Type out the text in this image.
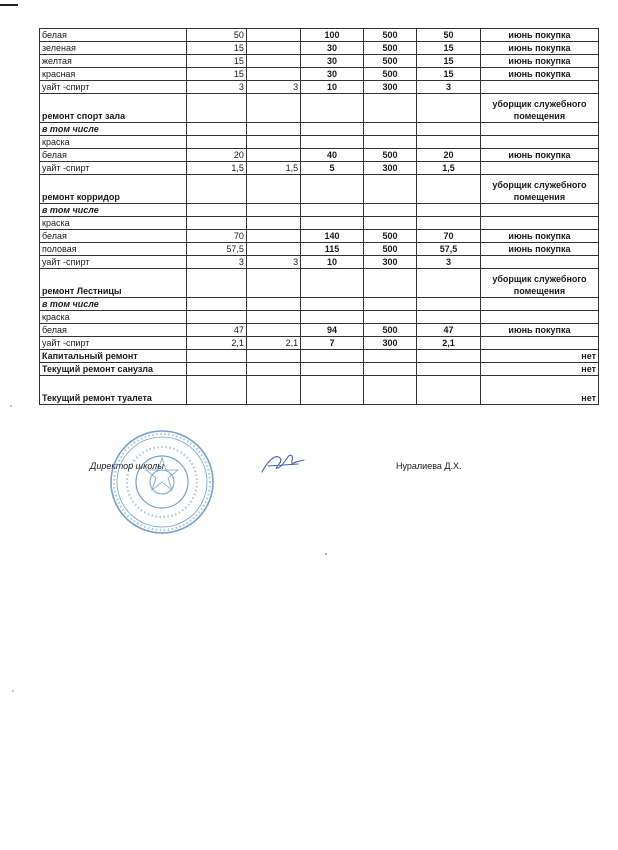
белая	50		100	500	50	июнь покупка
зеленая	15		30	500	15	июнь покупка
желтая	15		30	500	15	июнь покупка
красная	15		30	500	15	июнь покупка
уайт -спирт	3	3	10	300	3	
ремонт спорт зала						уборщик служебного помещения
в том числе						
краска						
белая	20		40	500	20	июнь покупка
уайт -спирт	1,5	1,5	5	300	1,5	
ремонт корридор						уборщик служебного помещения
в том числе						
краска						
белая	70		140	500	70	июнь покупка
половая	57,5		115	500	57,5	июнь покупка
уайт -спирт	3	3	10	300	3	
ремонт Лестницы						уборщик служебного помещения
в том числе						
краска						
белая	47		94	500	47	июнь покупка
уайт -спирт	2,1	2,1	7	300	2,1	
Капитальный ремонт						нет
Текущий ремонт санузла						нет
Текущий ремонт туалета						нет
Директор школы	Нуралиева Д.Х.
